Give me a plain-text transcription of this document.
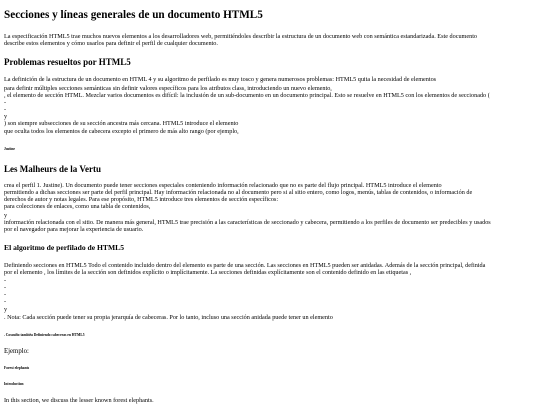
Secciones y líneas generales de un documento HTML5
La especificación HTML5 trae muchos nuevos elementos a los desarrolladores web, permitiéndoles describir la estructura de un documento web con semántica estandarizada. Este documento
describe estos elementos y cómo usarlos para definir el perfil de cualquier documento.
Problemas resueltos por HTML5
La definición de la estructura de un documento en HTML 4 y su algoritmo de perfilado es muy tosco y genera numerosos problemas: HTML5 quita la necesidad de elementos
para definir múltiples secciones semánticas sin definir valores específicos para los atributos class, introduciendo un nuevo elemento,
, el elemento de sección HTML. Mezclar varios documentos es difícil: la inclusión de un sub-documento en un documento principal. Esto se resuelve en HTML5 con los elementos de seccionado (
-
-
y
) son siempre subsecciones de su sección ancestra más cercana. HTML5 introduce el elemento
que oculta todos los elementos de cabecera excepto el primero de más alto rango (por ejemplo,
Justine
Les Malheurs de la Vertu
crea el perfil 1. Justine). Un documento puede tener secciones especiales conteniendo información relacionado que no es parte del flujo principal. HTML5 introduce el elemento
permitiendo a dichas secciones ser parte del perfil principal. Hay información relacionada no al documento pero si al sitio entero, como logos, menús, tablas de contenidos, o información de
derechos de autor y notas legales. Para ese propósito, HTML5 introduce tres elementos de sección específicos:
para colecciones de enlaces, como una tabla de contenidos,
y
información relacionada con el sitio. De manera más general, HTML5 trae precisión a las características de seccionado y cabecera, permitiendo a los perfiles de documento ser predecibles y usados
por el navegador para mejorar la experiencia de usuario.
El algoritmo de perfilado de HTML5
Definiendo secciones en HTML5 Todo el contenido incluido dentro del elemento es parte de una sección. Las secciones en HTML5 pueden ser anidadas. Además de la sección principal, definida
por el elemento , los límites de la sección son definidos explícito o implícitamente. La secciones definidas explícitamente son el contenido definido en las etiquetas ,
-
-
-
-
y
. Nota: Cada sección puede tener su propia jerarquía de cabeceras. Por lo tanto, incluso una sección anidada puede tener un elemento
. Cosuulto tambiéa Definiendo cabeceras en HTML5
Ejemplo:
Forest elephants
Introduction
In this section, we discuss the lesser known forest elephants.
